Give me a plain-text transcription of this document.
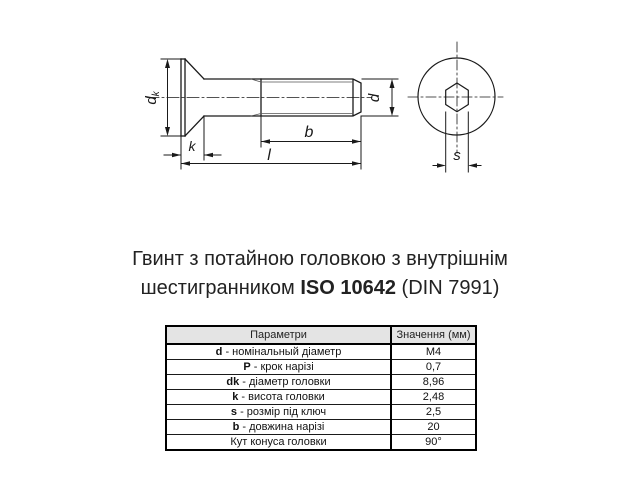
$d_k$
k
b
l
d
s
Гвинт з потайною головкою з внутрішнім
шестигранником ISO 10642 (DIN 7991)
Параметри	Значення (мм)
d - номінальный діаметр	M4
P - крок нарізі	0,7
dk - діаметр головки	8,96
k - висота головки	2,48
s - розмір під ключ	2,5
b - довжина нарізі	20
Кут конуса головки	90°
